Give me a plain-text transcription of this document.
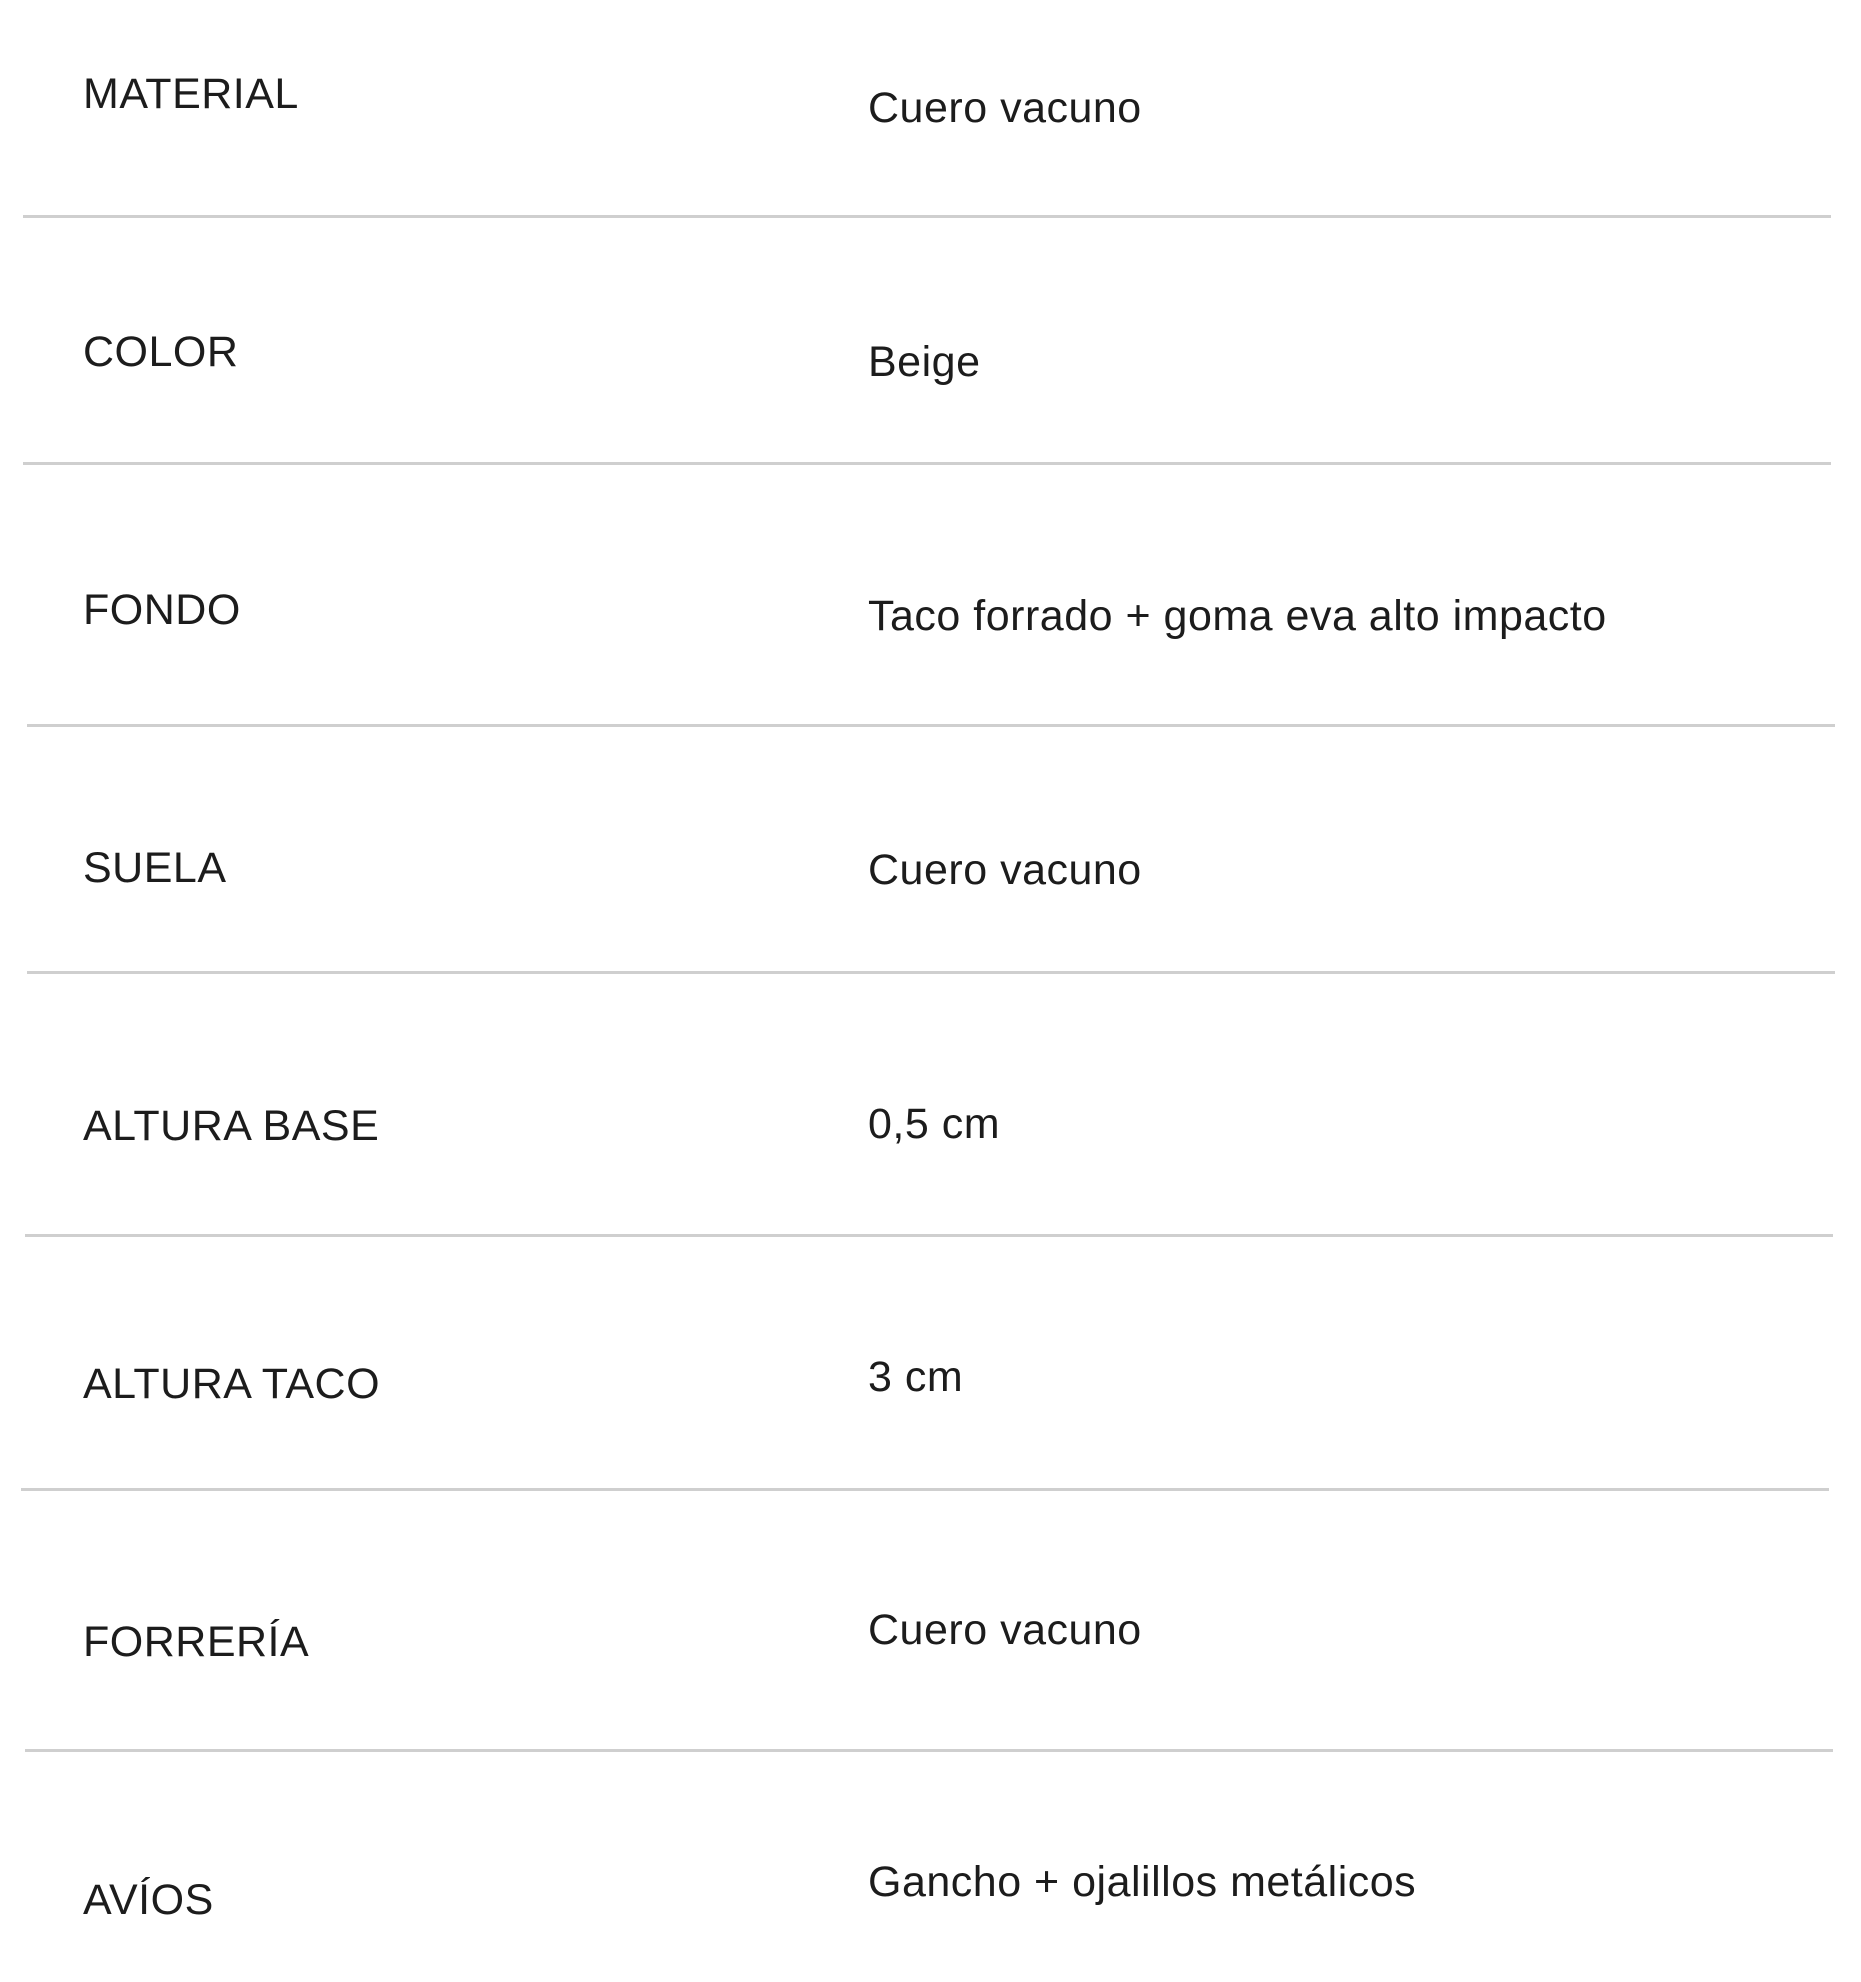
MATERIAL	Cuero vacuno
COLOR	Beige
FONDO	Taco forrado + goma eva alto impacto
SUELA	Cuero vacuno
ALTURA BASE	0,5 cm
ALTURA TACO	3 cm
FORRERÍA	Cuero vacuno
AVÍOS	Gancho + ojalillos metálicos
